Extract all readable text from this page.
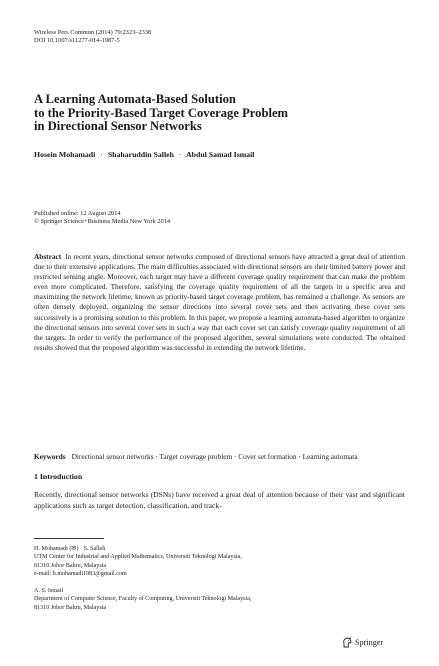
Wireless Pers Commun (2014) 79:2323–2338
DOI 10.1007/s11277-014-1987-5
A Learning Automata-Based Solution
to the Priority-Based Target Coverage Problem
in Directional Sensor Networks
Hosein Mohamadi · Shaharuddin Salleh · Abdul Samad Ismail
Published online: 12 August 2014
© Springer Science+Business Media New York 2014
Abstract In recent years, directional sensor networks composed of directional sensors have attracted a great deal of attention due to their extensive applications. The main difficulties associated with directional sensors are their limited battery power and restricted sensing angle. Moreover, each target may have a different coverage quality requirement that can make the problem even more complicated. Therefore, satisfying the coverage quality requirement of all the targets in a specific area and maximizing the network lifetime, known as priority-based target coverage problem, has remained a challenge. As sensors are often densely deployed, organizing the sensor directions into several cover sets and then activating these cover sets successively is a promising solution to this problem. In this paper, we propose a learning automata-based algorithm to organize the directional sensors into several cover sets in such a way that each cover set can satisfy coverage quality requirement of all the targets. In order to verify the performance of the proposed algorithm, several simulations were conducted. The obtained results showed that the proposed algorithm was successful in extending the network lifetime.
Keywords Directional sensor networks · Target coverage problem · Cover set formation · Learning automata
1 Introduction
Recently, directional sensor networks (DSNs) have received a great deal of attention because of their vast and significant applications such as target detection, classification, and track-
H. Mohamadi (✉) · S. Salleh
UTM Center for Industrial and Applied Mathematics, Universiti Teknologi Malaysia,
81310 Johor Bahru, Malaysia
e-mail: h.mohamadi1983@gmail.com
A. S. Ismail
Department of Computer Science, Faculty of Computing, Universiti Teknologi Malaysia,
81310 Johor Bahru, Malaysia
Springer
